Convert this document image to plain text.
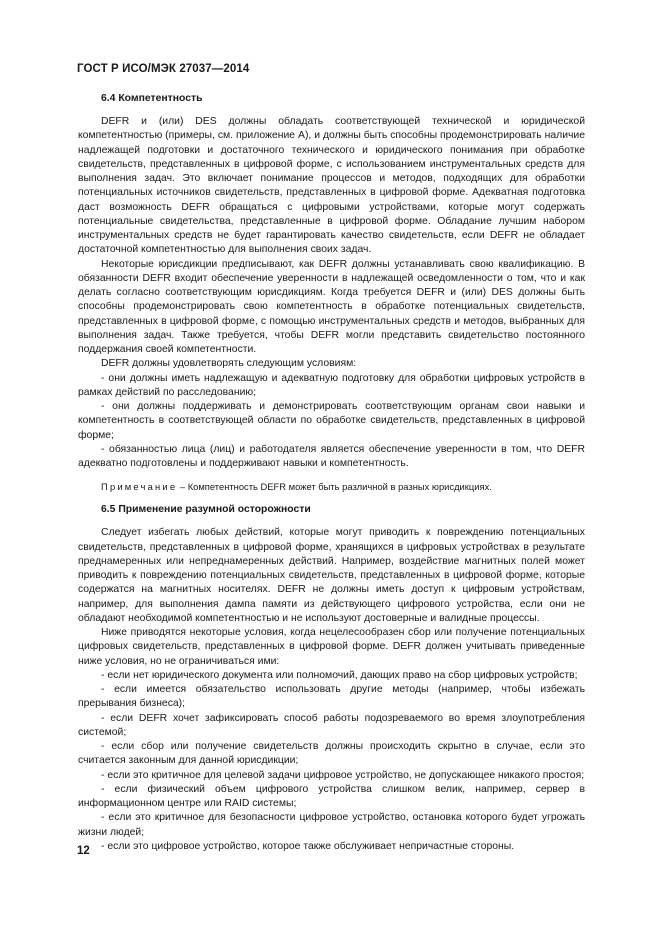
ГОСТ Р ИСО/МЭК 27037—2014
6.4 Компетентность

DEFR и (или) DES должны обладать соответствующей технической и юридической компетентностью (примеры, см. приложение А), и должны быть способны продемонстрировать наличие надлежащей подготовки и достаточного технического и юридического понимания при обработке свидетельств, представленных в цифровой форме, с использованием инструментальных средств для выполнения задач. Это включает понимание процессов и методов, подходящих для обработки потенциальных источников свидетельств, представленных в цифровой форме. Адекватная подготовка даст возможность DEFR обращаться с цифровыми устройствами, которые могут содержать потенциальные свидетельства, представленные в цифровой форме. Обладание лучшим набором инструментальных средств не будет гарантировать качество свидетельств, если DEFR не обладает достаточной компетентностью для выполнения своих задач.

Некоторые юрисдикции предписывают, как DEFR должны устанавливать свою квалификацию. В обязанности DEFR входит обеспечение уверенности в надлежащей осведомленности о том, что и как делать согласно соответствующим юрисдикциям. Когда требуется DEFR и (или) DES должны быть способны продемонстрировать свою компетентность в обработке потенциальных свидетельств, представленных в цифровой форме, с помощью инструментальных средств и методов, выбранных для выполнения задач. Также требуется, чтобы DEFR могли представить свидетельство постоянного поддержания своей компетентности.

DEFR должны удовлетворять следующим условиям:

- они должны иметь надлежащую и адекватную подготовку для обработки цифровых устройств в рамках действий по расследованию;

- они должны поддерживать и демонстрировать соответствующим органам свои навыки и компетентность в соответствующей области по обработке свидетельств, представленных в цифровой форме;

- обязанностью лица (лиц) и работодателя является обеспечение уверенности в том, что DEFR адекватно подготовлены и поддерживают навыки и компетентность.

Примечание – Компетентность DEFR может быть различной в разных юрисдикциях.

6.5 Применение разумной осторожности

Следует избегать любых действий, которые могут приводить к повреждению потенциальных свидетельств, представленных в цифровой форме, хранящихся в цифровых устройствах в результате преднамеренных или непреднамеренных действий. Например, воздействие магнитных полей может приводить к повреждению потенциальных свидетельств, представленных в цифровой форме, которые содержатся на магнитных носителях. DEFR не должны иметь доступ к цифровым устройствам, например, для выполнения дампа памяти из действующего цифрового устройства, если они не обладают необходимой компетентностью и не используют достоверные и валидные процессы.

Ниже приводятся некоторые условия, когда нецелесообразен сбор или получение потенциальных цифровых свидетельств, представленных в цифровой форме. DEFR должен учитывать приведенные ниже условия, но не ограничиваться ими:

- если нет юридического документа или полномочий, дающих право на сбор цифровых устройств;

- если имеется обязательство использовать другие методы (например, чтобы избежать прерывания бизнеса);

- если DEFR хочет зафиксировать способ работы подозреваемого во время злоупотребления системой;

- если сбор или получение свидетельств должны происходить скрытно в случае, если это считается законным для данной юрисдикции;

- если это критичное для целевой задачи цифровое устройство, не допускающее никакого простоя;

- если физический объем цифрового устройства слишком велик, например, сервер в информационном центре или RAID системы;

- если это критичное для безопасности цифровое устройство, остановка которого будет угрожать жизни людей;

- если это цифровое устройство, которое также обслуживает непричастные стороны.

12
